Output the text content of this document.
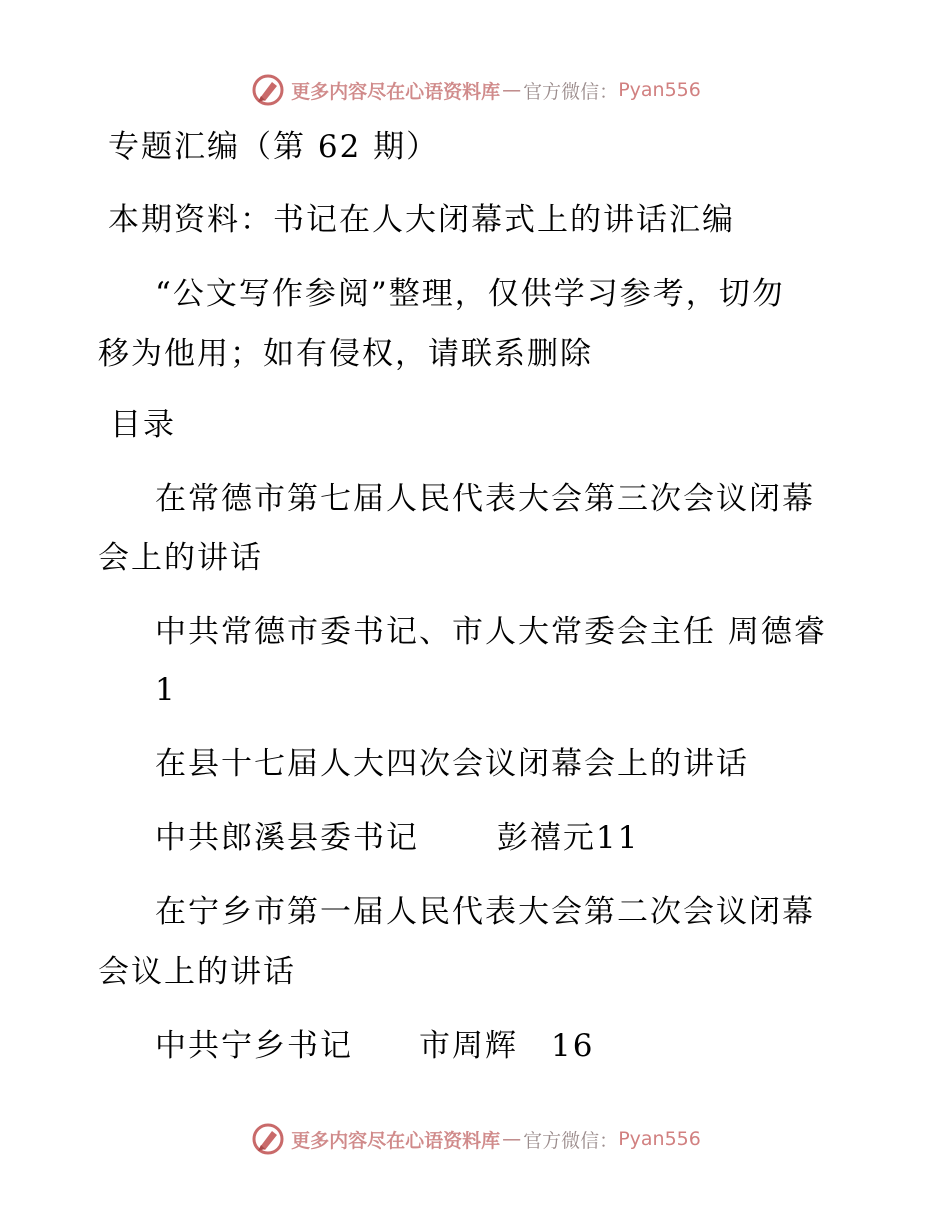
更多内容尽在心语资料库 — 官方微信： Pyan556
专题汇编（第 62 期）
本期资料：书记在人大闭幕式上的讲话汇编
“公文写作参阅”整理，仅供学习参考，切勿
移为他用；如有侵权，请联系删除
目录
在常德市第七届人民代表大会第三次会议闭幕
会上的讲话
中共常德市委书记、市人大常委会主任 周德睿
1
在县十七届人大四次会议闭幕会上的讲话
中共郎溪县委书记　　 彭禧元11
在宁乡市第一届人民代表大会第二次会议闭幕
会议上的讲话
中共宁乡书记　　市周辉　16
更多内容尽在心语资料库 — 官方微信： Pyan556
